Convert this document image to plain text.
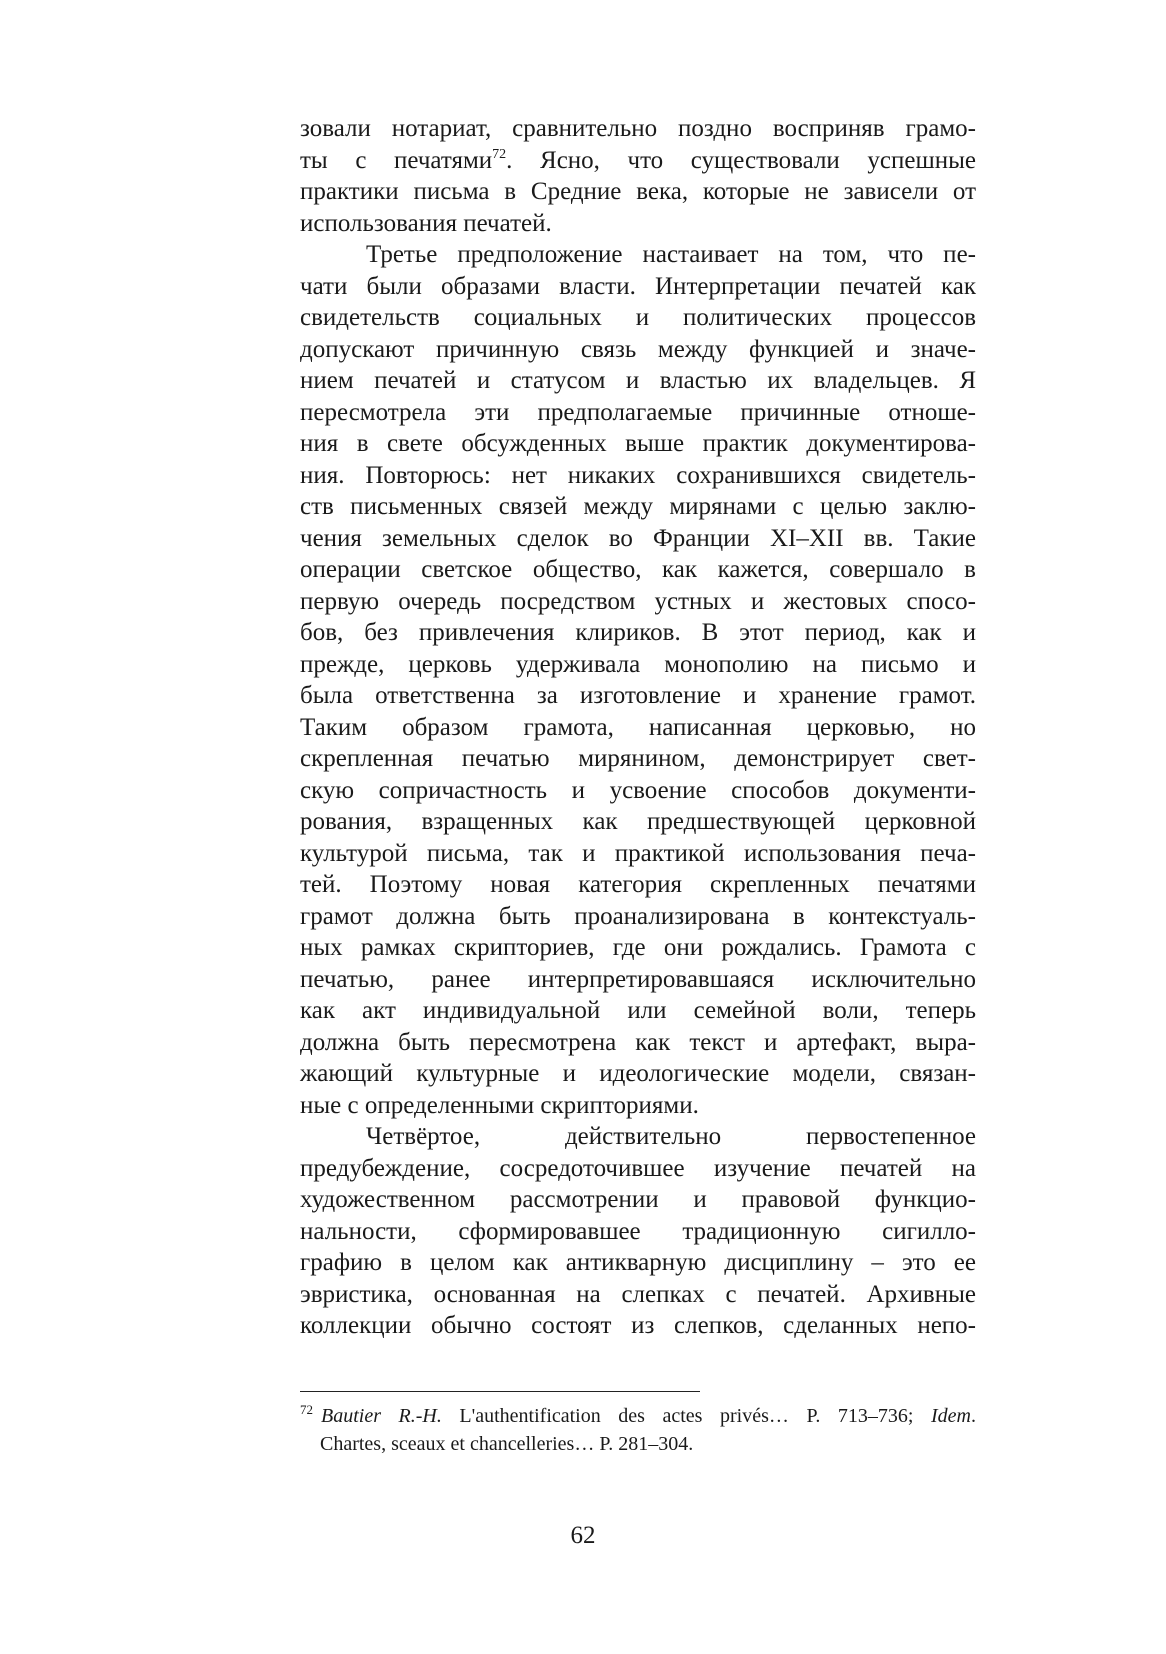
зовали нотариат, сравнительно поздно восприняв грамо-
ты с печатями$^{72}$. Ясно, что существовали успешные
практики письма в Средние века, которые не зависели от
использования печатей.
Третье предположение настаивает на том, что пе-
чати были образами власти. Интерпретации печатей как
свидетельств социальных и политических процессов
допускают причинную связь между функцией и значе-
нием печатей и статусом и властью их владельцев. Я
пересмотрела эти предполагаемые причинные отноше-
ния в свете обсужденных выше практик документирова-
ния. Повторюсь: нет никаких сохранившихся свидетель-
ств письменных связей между мирянами с целью заклю-
чения земельных сделок во Франции XI–XII вв. Такие
операции светское общество, как кажется, совершало в
первую очередь посредством устных и жестовых спосо-
бов, без привлечения клириков. В этот период, как и
прежде, церковь удерживала монополию на письмо и
была ответственна за изготовление и хранение грамот.
Таким образом грамота, написанная церковью, но
скрепленная печатью мирянином, демонстрирует свет-
скую сопричастность и усвоение способов документи-
рования, взращенных как предшествующей церковной
культурой письма, так и практикой использования печа-
тей. Поэтому новая категория скрепленных печатями
грамот должна быть проанализирована в контекстуаль-
ных рамках скрипториев, где они рождались. Грамота с
печатью, ранее интерпретировавшаяся исключительно
как акт индивидуальной или семейной воли, теперь
должна быть пересмотрена как текст и артефакт, выра-
жающий культурные и идеологические модели, связан-
ные с определенными скрипториями.
Четвёртое, действительно первостепенное
предубеждение, сосредоточившее изучение печатей на
художественном рассмотрении и правовой функцио-
нальности, сформировавшее традиционную сигилло-
графию в целом как антикварную дисциплину – это ее
эвристика, основанная на слепках с печатей. Архивные
коллекции обычно состоят из слепков, сделанных непо-
$^{72}$ Bautier R.-H. L'authentification des actes privés… P. 713–736; Idem.
Chartes, sceaux et chancelleries… P. 281–304.
62
